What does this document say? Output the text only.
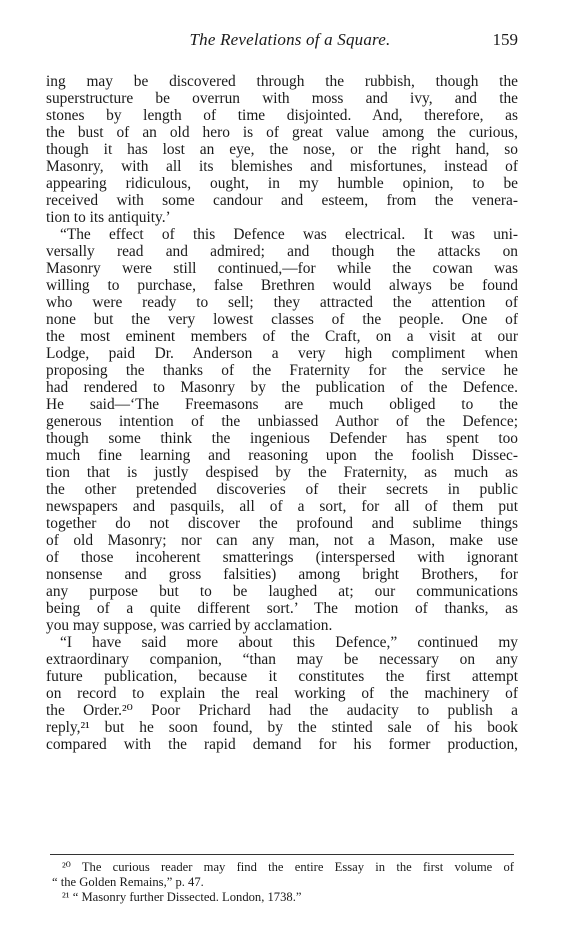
The Revelations of a Square.	159
ing may be discovered through the rubbish, though the
superstructure be overrun with moss and ivy, and the
stones by length of time disjointed. And, therefore, as
the bust of an old hero is of great value among the curious,
though it has lost an eye, the nose, or the right hand, so
Masonry, with all its blemishes and misfortunes, instead of
appearing ridiculous, ought, in my humble opinion, to be
received with some candour and esteem, from the venera-
tion to its antiquity.’
“The effect of this Defence was electrical. It was uni-
versally read and admired; and though the attacks on
Masonry were still continued,—for while the cowan was
willing to purchase, false Brethren would always be found
who were ready to sell; they attracted the attention of
none but the very lowest classes of the people. One of
the most eminent members of the Craft, on a visit at our
Lodge, paid Dr. Anderson a very high compliment when
proposing the thanks of the Fraternity for the service he
had rendered to Masonry by the publication of the Defence.
He said—‘The Freemasons are much obliged to the
generous intention of the unbiassed Author of the Defence;
though some think the ingenious Defender has spent too
much fine learning and reasoning upon the foolish Dissec-
tion that is justly despised by the Fraternity, as much as
the other pretended discoveries of their secrets in public
newspapers and pasquils, all of a sort, for all of them put
together do not discover the profound and sublime things
of old Masonry; nor can any man, not a Mason, make use
of those incoherent smatterings (interspersed with ignorant
nonsense and gross falsities) among bright Brothers, for
any purpose but to be laughed at; our communications
being of a quite different sort.’ The motion of thanks, as
you may suppose, was carried by acclamation.
“I have said more about this Defence,” continued my
extraordinary companion, “than may be necessary on any
future publication, because it constitutes the first attempt
on record to explain the real working of the machinery of
the Order.²⁰ Poor Prichard had the audacity to publish a
reply,²¹ but he soon found, by the stinted sale of his book
compared with the rapid demand for his former production,
²⁰ The curious reader may find the entire Essay in the first volume of
“ the Golden Remains,” p. 47.
²¹ “ Masonry further Dissected. London, 1738.”
